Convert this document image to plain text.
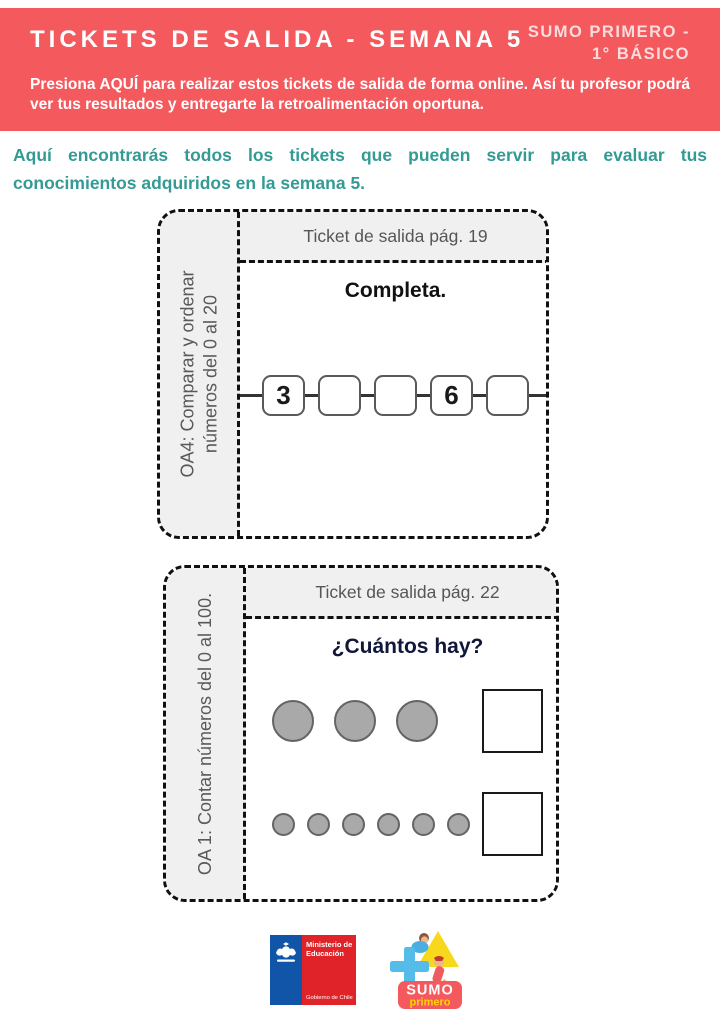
TICKETS DE SALIDA - SEMANA 5 SUMO PRIMERO -
1° BÁSICO

Presiona AQUÍ para realizar estos tickets de salida de forma online. Así tu profesor podrá ver tus resultados y entregarte la retroalimentación oportuna.

Aquí encontrarás todos los tickets que pueden servir para evaluar tus conocimientos adquiridos en la semana 5.

OA4: Comparar y ordenar números del 0 al 20
Ticket de salida pág. 19
Completa.
3	6
OA 1: Contar números del 0 al 100.
Ticket de salida pág. 22
¿Cuántos hay?
Ministerio de Educación
Gobierno de Chile	SUMO
primero
